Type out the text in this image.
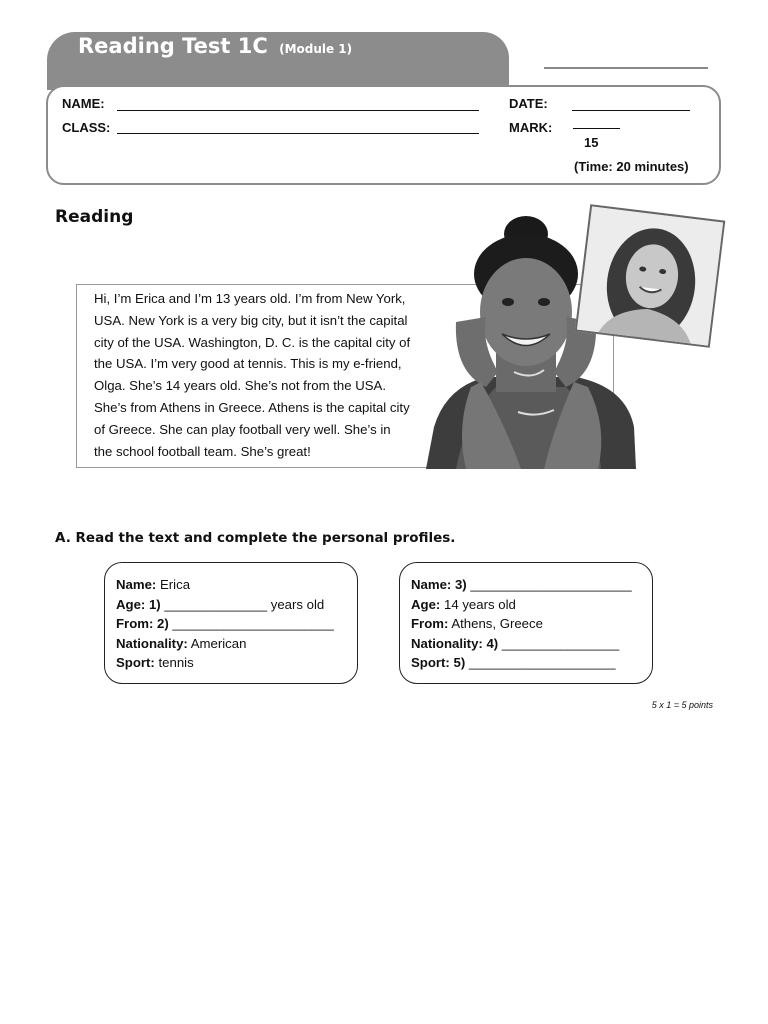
Reading Test 1C (Module 1)
NAME:
CLASS:
DATE:
MARK:
15
(Time: 20 minutes)
Reading
Hi, I’m Erica and I’m 13 years old. I’m from New York,
USA. New York is a very big city, but it isn’t the capital
city of the USA. Washington, D. C. is the capital city of
the USA. I’m very good at tennis. This is my e-friend,
Olga. She’s 14 years old. She’s not from the USA.
She’s from Athens in Greece. Athens is the capital city
of Greece. She can play football very well. She’s in
the school football team. She’s great!
A. Read the text and complete the personal profiles.
Name: Erica
Age: 1) ______________ years old
From: 2) ______________________
Nationality: American
Sport: tennis
Name: 3) ______________________
Age: 14 years old
From: Athens, Greece
Nationality: 4) ________________
Sport: 5) ____________________
5 x 1 = 5 points
